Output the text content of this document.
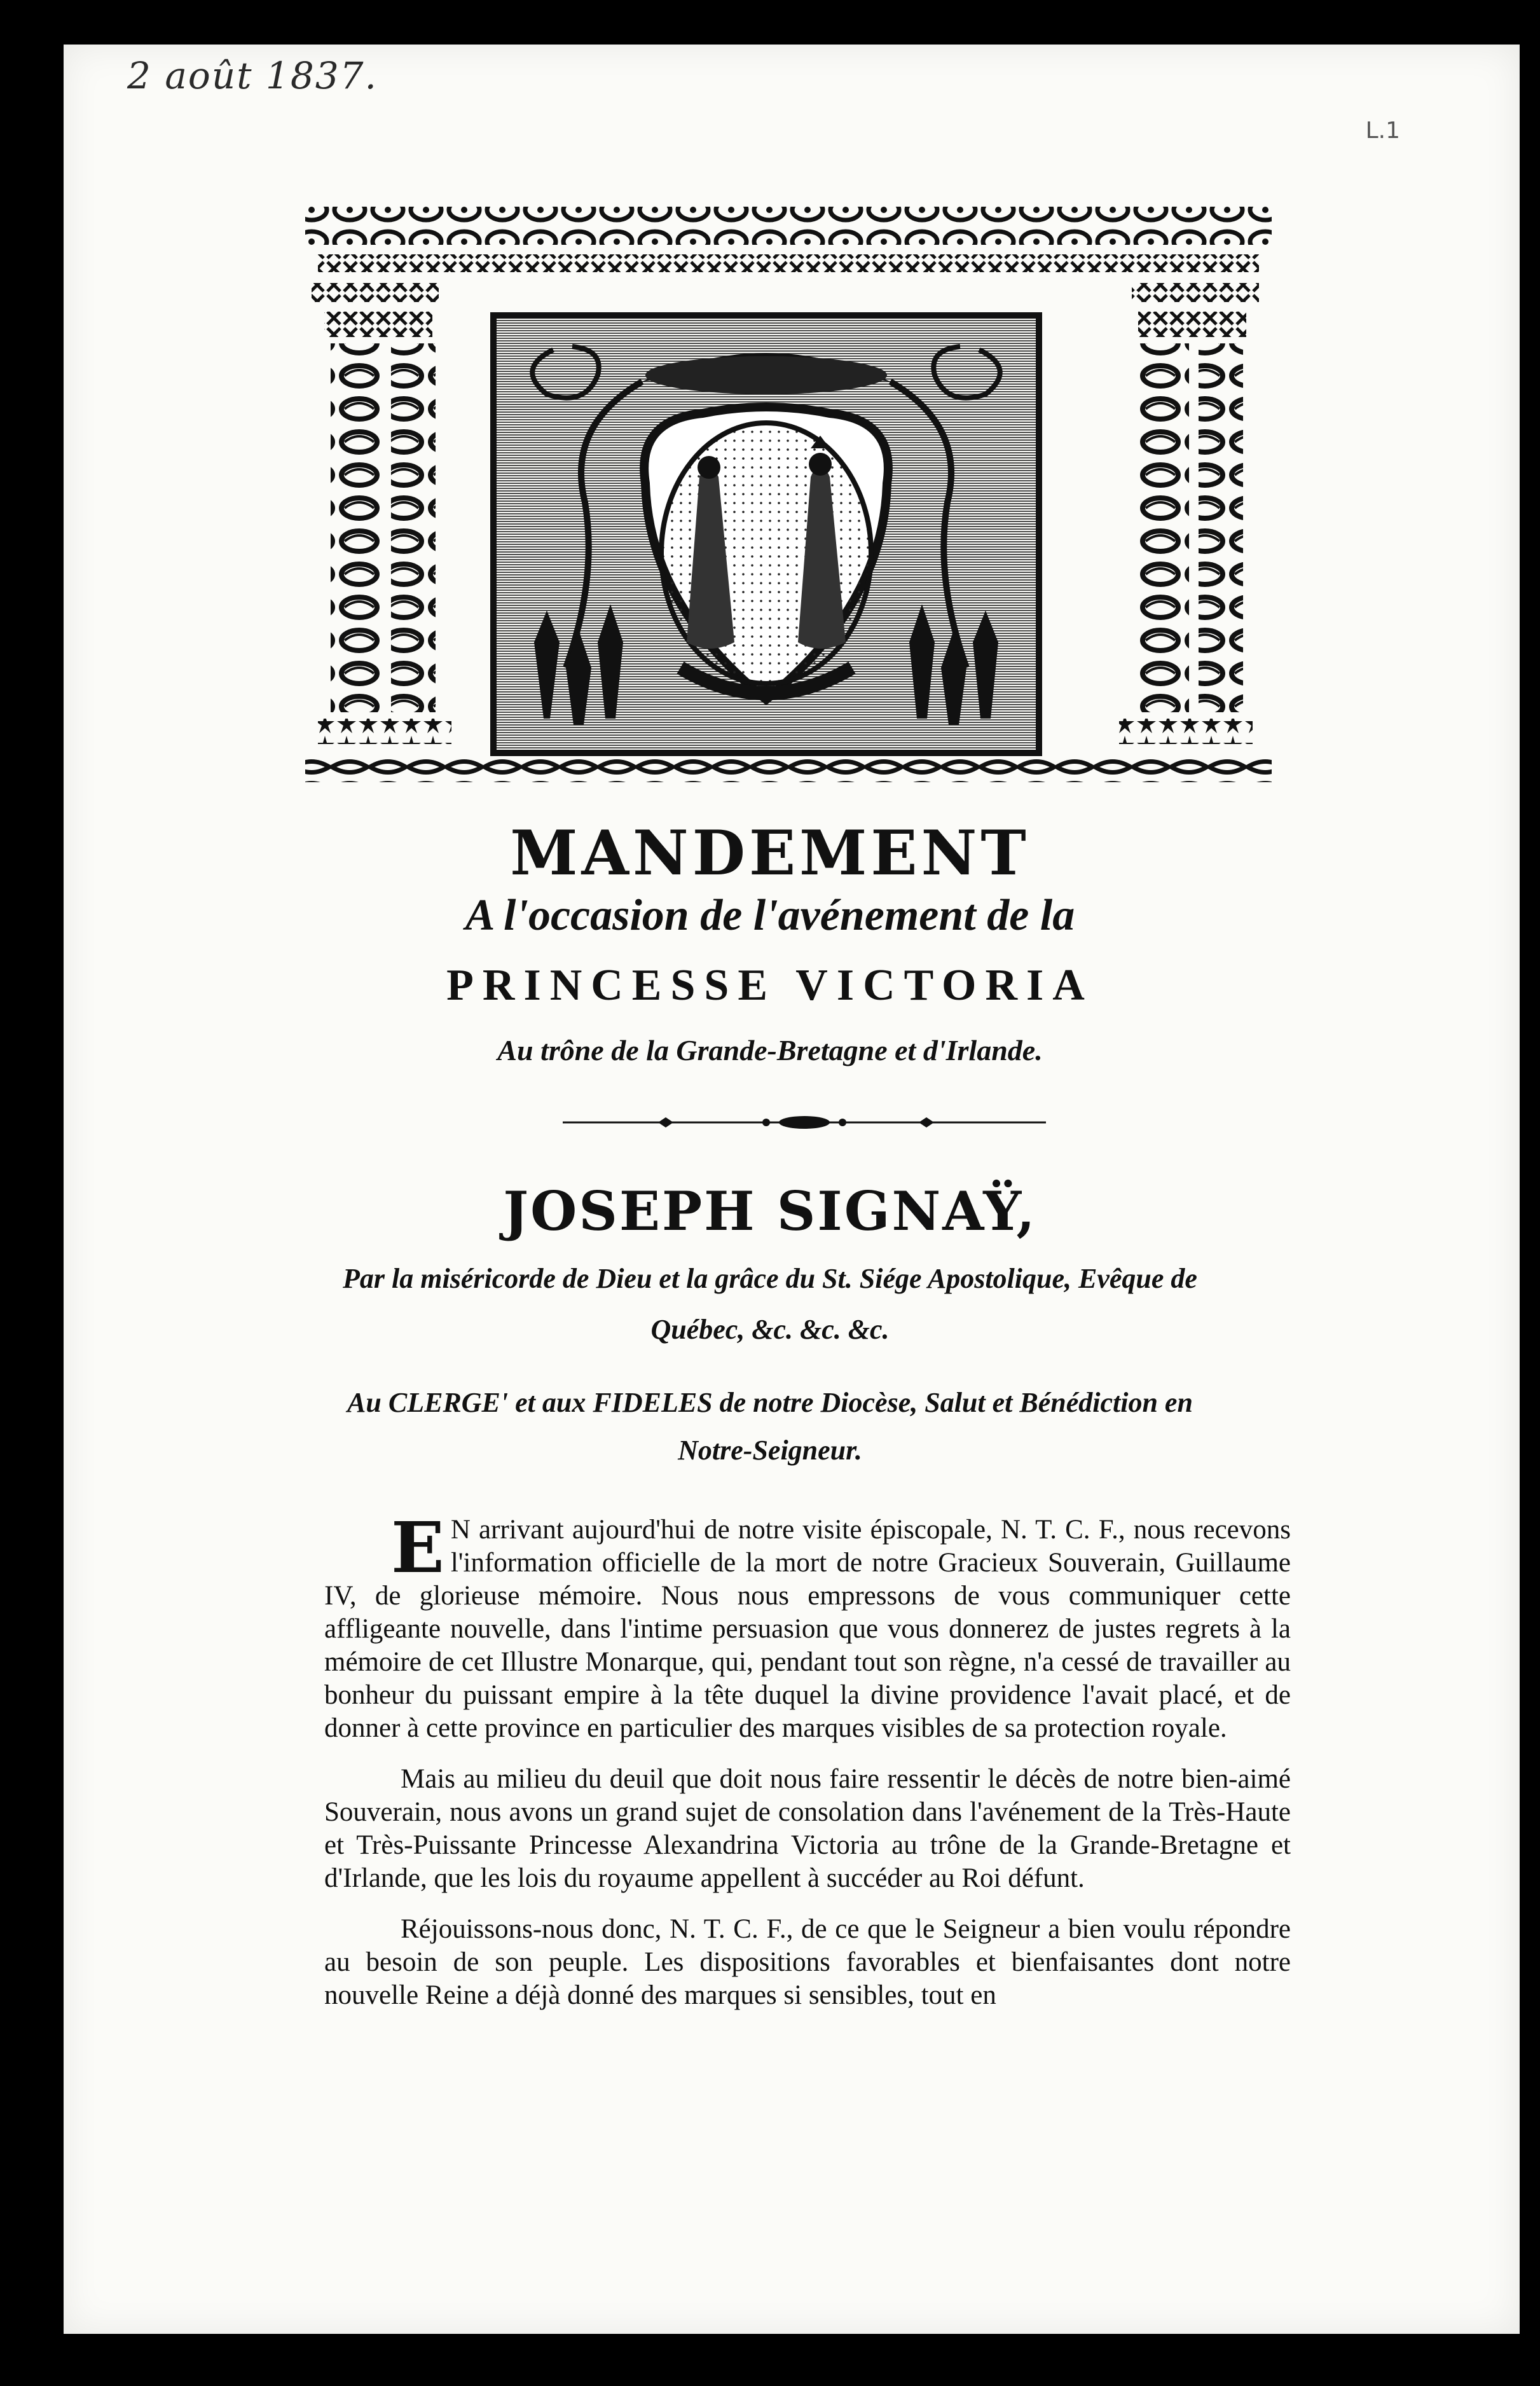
2 août 1837.
L.1
MANDEMENT
A l'occasion de l'avénement de la
PRINCESSE VICTORIA
Au trône de la Grande-Bretagne et d'Irlande.
JOSEPH SIGNAŸ,
Par la miséricorde de Dieu et la grâce du St. Siége Apostolique, Evêque de
Québec, &c. &c. &c.
Au CLERGE' et aux FIDELES de notre Diocèse, Salut et Bénédiction en
Notre-Seigneur.

E N arrivant aujourd'hui de notre visite épiscopale, N. T. C. F., nous recevons l'information officielle de la mort de notre Gracieux Souverain, Guillaume IV, de glorieuse mémoire. Nous nous empressons de vous communiquer cette affligeante nouvelle, dans l'intime persuasion que vous donnerez de justes regrets à la mémoire de cet Illustre Monarque, qui, pendant tout son règne, n'a cessé de travailler au bonheur du puissant empire à la tête duquel la divine providence l'avait placé, et de donner à cette province en particulier des marques visibles de sa protection royale.

Mais au milieu du deuil que doit nous faire ressentir le décès de notre bien-aimé Souverain, nous avons un grand sujet de consolation dans l'avénement de la Très-Haute et Très-Puissante Princesse Alexandrina Victoria au trône de la Grande-Bretagne et d'Irlande, que les lois du royaume appellent à succéder au Roi défunt.

Réjouissons-nous donc, N. T. C. F., de ce que le Seigneur a bien voulu répondre au besoin de son peuple. Les dispositions favorables et bienfaisantes dont notre nouvelle Reine a déjà donné des marques si sensibles, tout en
